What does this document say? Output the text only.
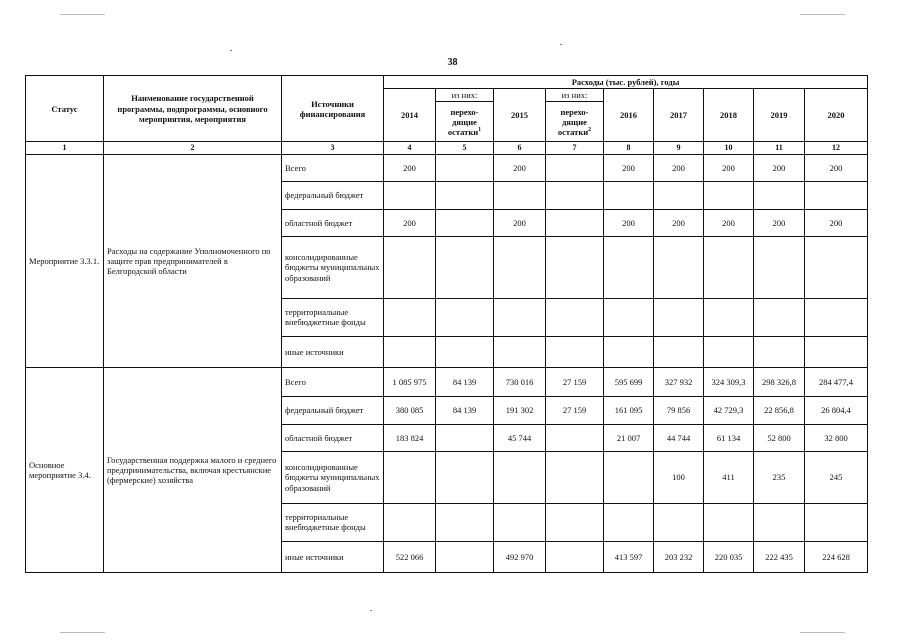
38
Статус	Наименование государственной программы, подпрограммы, основного мероприятия, мероприятия	Источники финансирования	Расходы (тыс. рублей), годы								
			2014	из них:	2015	из них:	2016	2017	2018	2019	2020
				перехо-дящие остатки$^1$		перехо-дящие остатки$^2$
1	2	3	4	5	6	7	8	9	10	11	12
Мероприятие 3.3.1.	Расходы на содержание Уполномоченного по защите прав предпринимателей в Белгородской области	Всего	200		200		200	200	200	200	200
		федеральный бюджет									
		областной бюджет	200		200		200	200	200	200	200
		консолидированные бюджеты муниципальных образований									
		территориальные внебюджетные фонды									
		иные источники									
Основное мероприятие 3.4.	Государственная поддержка малого и среднего предпринимательства, включая крестьянские (фермерские) хозяйства	Всего	1 085 975	84 139	730 016	27 159	595 699	327 932	324 309,3	298 326,8	284 477,4
		федеральный бюджет	380 085	84 139	191 302	27 159	161 095	79 856	42 729,3	22 856,8	26 804,4
		областной бюджет	183 824		45 744		21 007	44 744	61 134	52 800	32 800
		консолидированные бюджеты муниципальных образований						100	411	235	245
		территориальные внебюджетные фонды									
		иные источники	522 066		492 970		413 597	203 232	220 035	222 435	224 628
